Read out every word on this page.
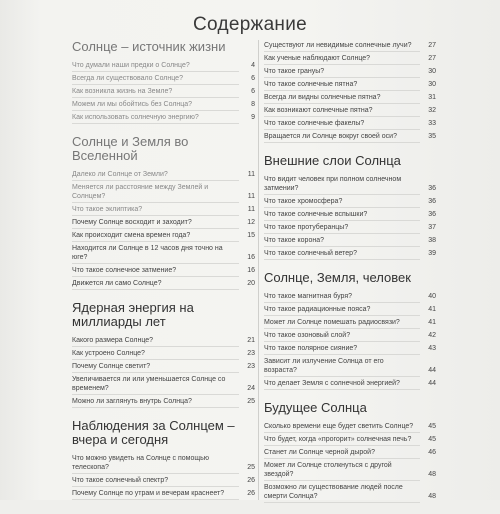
Содержание
Солнце – источник жизни
Что думали наши предки о Солнце?	4
Всегда ли существовало Солнце?	6
Как возникла жизнь на Земле?	6
Можем ли мы обойтись без Солнца?	8
Как использовать солнечную энергию?	9
Солнце и Земля во Вселенной
Далеко ли Солнце от Земли?	11
Меняется ли расстояние между Землей и Солнцем?	11
Что такое эклиптика?	11
Почему Солнце восходит и заходит?	12
Как происходит смена времен года?	15
Находится ли Солнце в 12 часов дня точно на юге?	16
Что такое солнечное затмение?	16
Движется ли само Солнце?	20
Ядерная энергия на миллиарды лет
Какого размера Солнце?	21
Как устроено Солнце?	23
Почему Солнце светит?	23
Увеличивается ли или уменьшается Солнце со временем?	24
Можно ли заглянуть внутрь Солнца?	25
Наблюдения за Солнцем – вчера и сегодня
Что можно увидеть на Солнце с помощью телескопа?	25
Что такое солнечный спектр?	26
Почему Солнце по утрам и вечерам краснеет?	26
Существуют ли невидимые солнечные лучи?	27
Как ученые наблюдают Солнце?	27
Что такое грануы?	30
Что такое солнечные пятна?	30
Всегда ли видны солнечные пятна?	31
Как возникают солнечные пятна?	32
Что такое солнечные факелы?	33
Вращается ли Солнце вокруг своей оси?	35
Внешние слои Солнца
Что видит человек при полном солнечном затмении?	36
Что такое хромосфера?	36
Что такое солнечные вспышки?	36
Что такое протуберанцы?	37
Что такое корона?	38
Что такое солнечный ветер?	39
Солнце, Земля, человек
Что такое магнитная буря?	40
Что такое радиационные пояса?	41
Может ли Солнце помешать радиосвязи?	41
Что такое озоновый слой?	42
Что такое полярное сияние?	43
Зависит ли излучение Солнца от его возраста?	44
Что делает Земля с солнечной энергией?	44
Будущее Солнца
Сколько времени еще будет светить Солнце?	45
Что будет, когда «прогорит» солнечная печь?	45
Станет ли Солнце черной дырой?	46
Может ли Солнце столкнуться с другой звездой?	48
Возможно ли существование людей после смерти Солнца?	48
